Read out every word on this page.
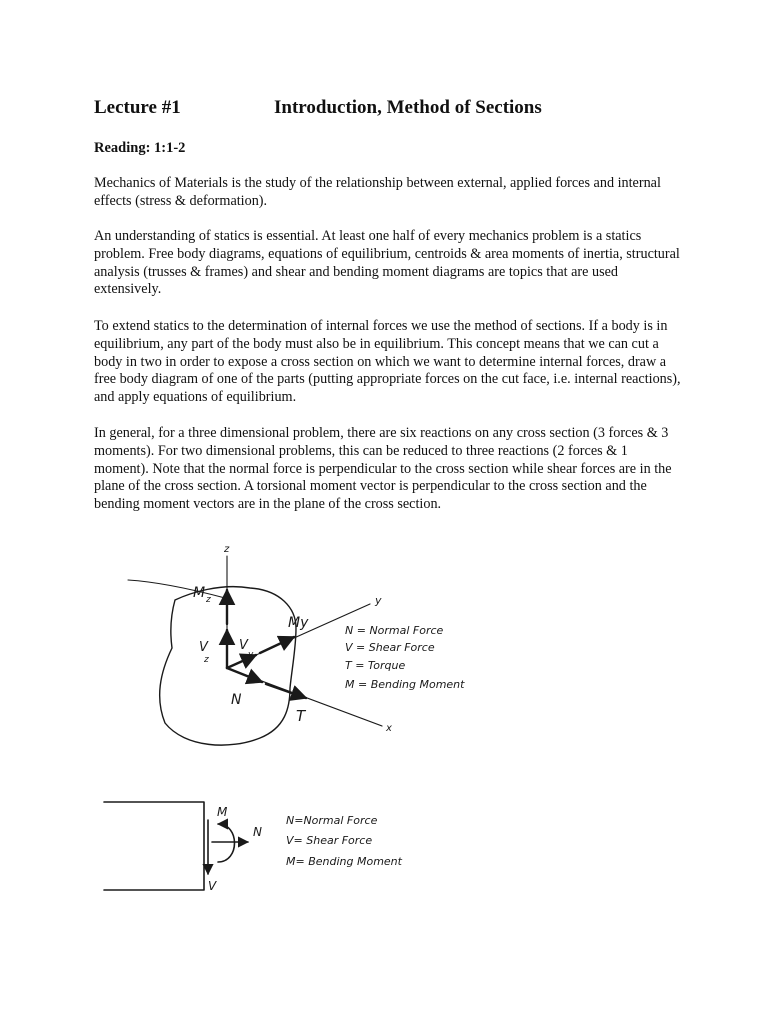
Lecture #1	Introduction, Method of Sections
Reading: 1:1-2

Mechanics of Materials is the study of the relationship between external, applied forces and internal effects (stress & deformation).

An understanding of statics is essential. At least one half of every mechanics problem is a statics problem. Free body diagrams, equations of equilibrium, centroids & area moments of inertia, structural analysis (trusses & frames) and shear and bending moment diagrams are topics that are used extensively.

To extend statics to the determination of internal forces we use the method of sections. If a body is in equilibrium, any part of the body must also be in equilibrium. This concept means that we can cut a body in two in order to expose a cross section on which we want to determine internal forces, draw a free body diagram of one of the parts (putting appropriate forces on the cut face, i.e. internal reactions), and apply equations of equilibrium.

In general, for a three dimensional problem, there are six reactions on any cross section (3 forces & 3 moments). For two dimensional problems, this can be reduced to three reactions (2 forces & 1 moment). Note that the normal force is perpendicular to the cross section while shear forces are in the plane of the cross section. A torsional moment vector is perpendicular to the cross section and the bending moment vectors are in the plane of the cross section.

z
y
x
M z
My
V
z
V
y
N
T
N = Normal Force
V = Shear Force
T = Torque
M = Bending Moment
M
N
V
N=Normal Force
V= Shear Force
M= Bending Moment
